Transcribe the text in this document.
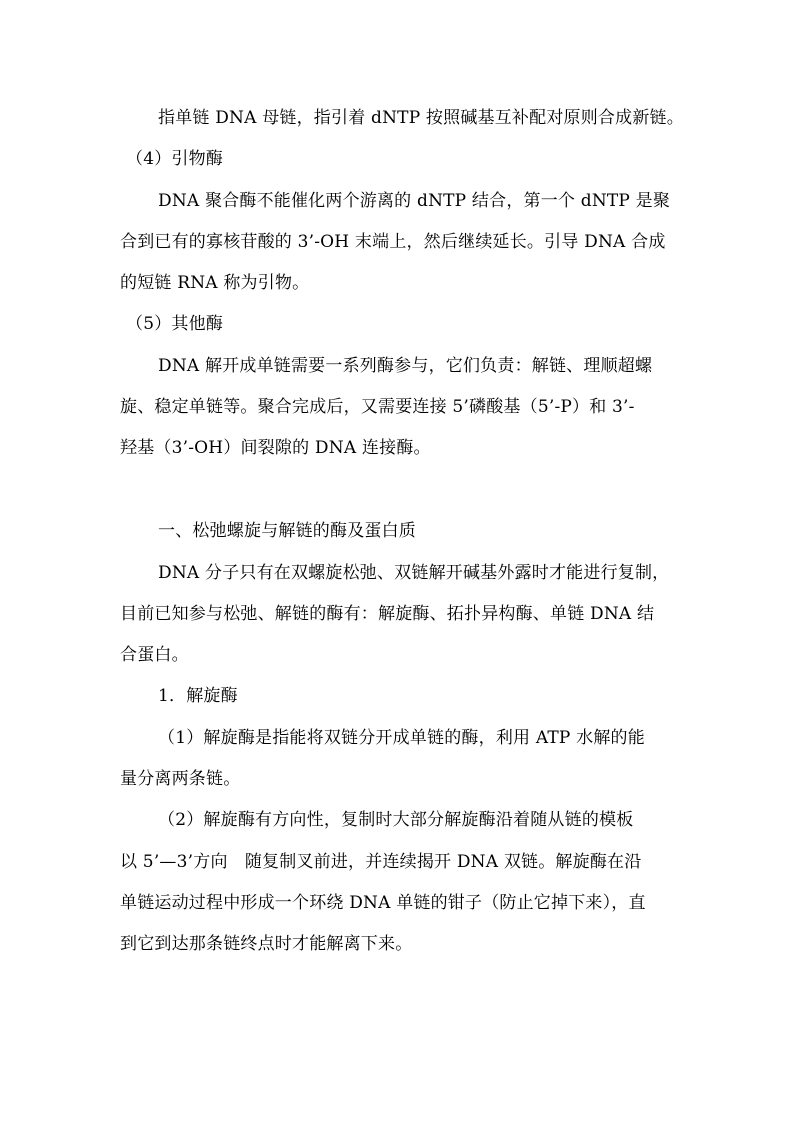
指单链 DNA 母链，指引着 dNTP 按照碱基互补配对原则合成新链。
（4）引物酶
DNA 聚合酶不能催化两个游离的 dNTP 结合，第一个 dNTP 是聚
合到已有的寡核苷酸的 3’-OH 末端上，然后继续延长。引导 DNA 合成
的短链 RNA 称为引物。
（5）其他酶
DNA 解开成单链需要一系列酶参与，它们负责：解链、理顺超螺
旋、稳定单链等。聚合完成后，又需要连接 5’磷酸基（5’-P）和 3’-
羟基（3’-OH）间裂隙的 DNA 连接酶。
一、松弛螺旋与解链的酶及蛋白质
DNA 分子只有在双螺旋松弛、双链解开碱基外露时才能进行复制，
目前已知参与松弛、解链的酶有：解旋酶、拓扑异构酶、单链 DNA 结
合蛋白。
1．解旋酶
（1）解旋酶是指能将双链分开成单链的酶，利用 ATP 水解的能
量分离两条链。
（2）解旋酶有方向性，复制时大部分解旋酶沿着随从链的模板
以 5’—3’方向　随复制叉前进，并连续揭开 DNA 双链。解旋酶在沿
单链运动过程中形成一个环绕 DNA 单链的钳子（防止它掉下来），直
到它到达那条链终点时才能解离下来。
